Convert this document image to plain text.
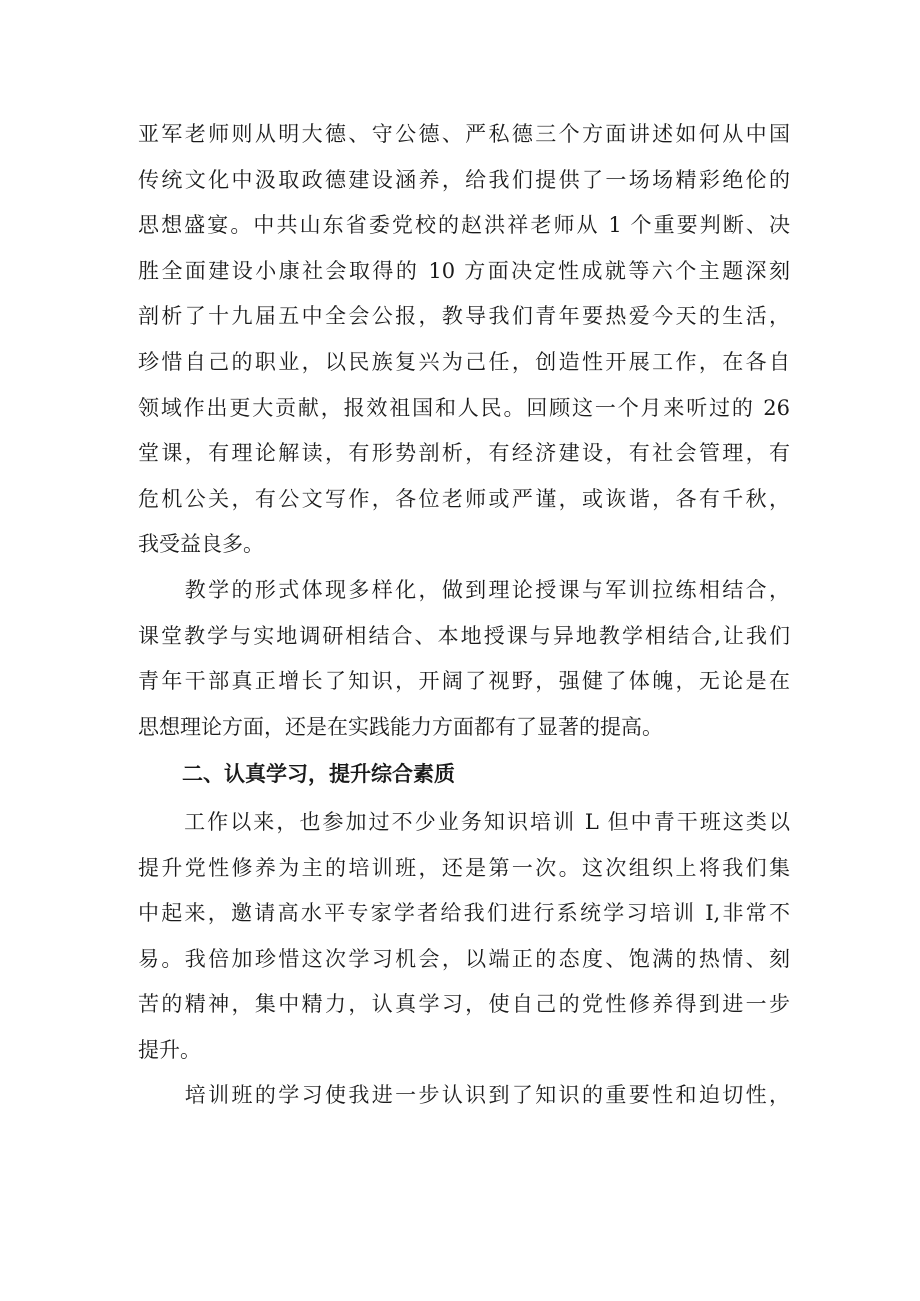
亚军老师则从明大德、守公德、严私德三个方面讲述如何从中国
传统文化中汲取政德建设涵养，给我们提供了一场场精彩绝伦的
思想盛宴。中共山东省委党校的赵洪祥老师从 1 个重要判断、决
胜全面建设小康社会取得的 10 方面决定性成就等六个主题深刻
剖析了十九届五中全会公报，教导我们青年要热爱今天的生活，
珍惜自己的职业，以民族复兴为己任，创造性开展工作，在各自
领域作出更大贡献，报效祖国和人民。回顾这一个月来听过的 26
堂课，有理论解读，有形势剖析，有经济建设，有社会管理，有
危机公关，有公文写作，各位老师或严谨，或诙谐，各有千秋，
我受益良多。
　　教学的形式体现多样化，做到理论授课与军训拉练相结合，
课堂教学与实地调研相结合、本地授课与异地教学相结合,让我们
青年干部真正增长了知识，开阔了视野，强健了体魄，无论是在
思想理论方面，还是在实践能力方面都有了显著的提高。
二、认真学习，提升综合素质
　　工作以来，也参加过不少业务知识培训 L 但中青干班这类以
提升党性修养为主的培训班，还是第一次。这次组织上将我们集
中起来，邀请高水平专家学者给我们进行系统学习培训 I,非常不
易。我倍加珍惜这次学习机会，以端正的态度、饱满的热情、刻
苦的精神，集中精力，认真学习，使自己的党性修养得到进一步
提升。
　　培训班的学习使我进一步认识到了知识的重要性和迫切性，
